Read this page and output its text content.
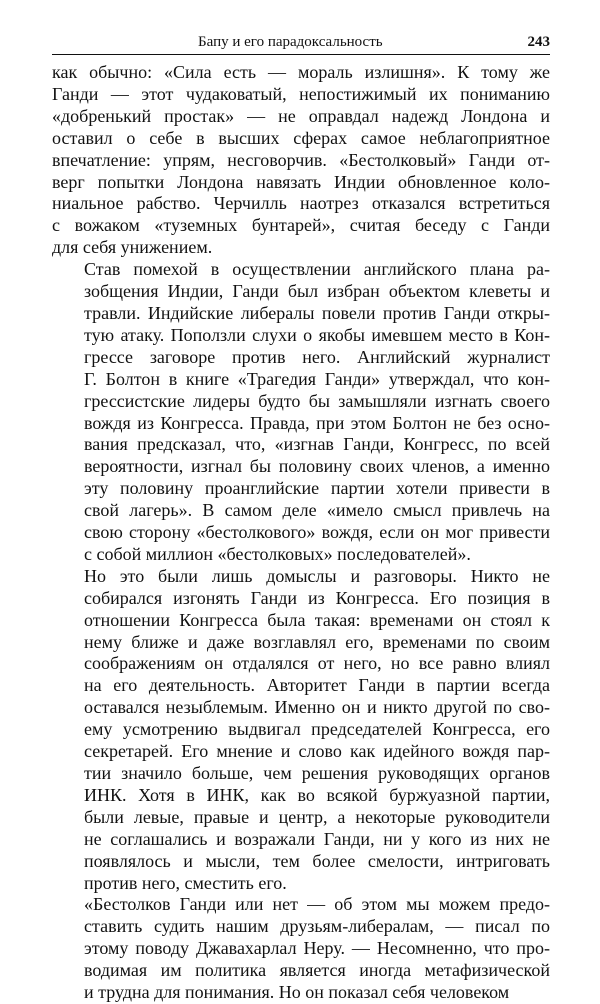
Бапу и его парадоксальность	243

как обычно: «Сила есть — мораль излишня». К тому же
Ганди — этот чудаковатый, непостижимый их пониманию
«добренький простак» — не оправдал надежд Лондона и
оставил о себе в высших сферах самое неблагоприятное
впечатление: упрям, несговорчив. «Бестолковый» Ганди от-
верг попытки Лондона навязать Индии обновленное коло-
ниальное рабство. Черчилль наотрез отказался встретиться
с вожаком «туземных бунтарей», считая беседу с Ганди
для себя унижением.

Став помехой в осуществлении английского плана ра-
зобщения Индии, Ганди был избран объектом клеветы и
травли. Индийские либералы повели против Ганди откры-
тую атаку. Поползли слухи о якобы имевшем место в Кон-
грессе заговоре против него. Английский журналист
Г. Болтон в книге «Трагедия Ганди» утверждал, что кон-
грессистские лидеры будто бы замышляли изгнать своего
вождя из Конгресса. Правда, при этом Болтон не без осно-
вания предсказал, что, «изгнав Ганди, Конгресс, по всей
вероятности, изгнал бы половину своих членов, а именно
эту половину проанглийские партии хотели привести в
свой лагерь». В самом деле «имело смысл привлечь на
свою сторону «бестолкового» вождя, если он мог привести
с собой миллион «бестолковых» последователей».

Но это были лишь домыслы и разговоры. Никто не
собирался изгонять Ганди из Конгресса. Его позиция в
отношении Конгресса была такая: временами он стоял к
нему ближе и даже возглавлял его, временами по своим
соображениям он отдалялся от него, но все равно влиял
на его деятельность. Авторитет Ганди в партии всегда
оставался незыблемым. Именно он и никто другой по сво-
ему усмотрению выдвигал председателей Конгресса, его
секретарей. Его мнение и слово как идейного вождя пар-
тии значило больше, чем решения руководящих органов
ИНК. Хотя в ИНК, как во всякой буржуазной партии,
были левые, правые и центр, а некоторые руководители
не соглашались и возражали Ганди, ни у кого из них не
появлялось и мысли, тем более смелости, интриговать
против него, сместить его.

«Бестолков Ганди или нет — об этом мы можем предо-
ставить судить нашим друзьям-либералам, — писал по
этому поводу Джавахарлал Неру. — Несомненно, что про-
водимая им политика является иногда метафизической
и трудна для понимания. Но он показал себя человеком
